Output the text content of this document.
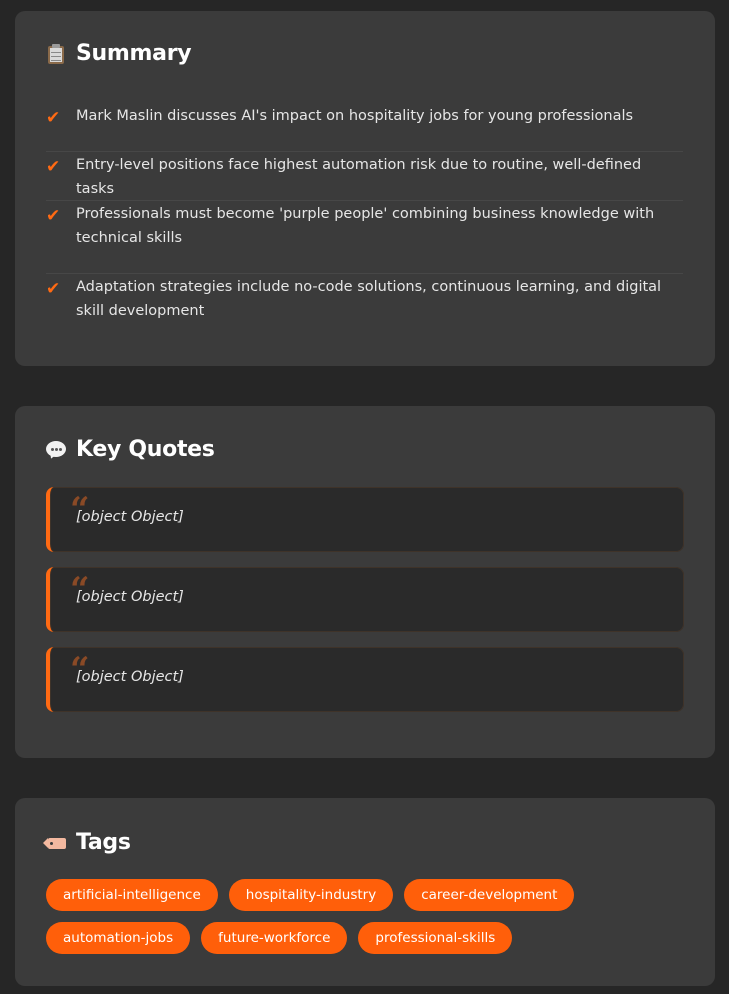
Summary
✔	Mark Maslin discusses AI's impact on hospitality jobs for young professionals
✔	Entry-level positions face highest automation risk due to routine, well-defined tasks
✔	Professionals must become 'purple people' combining business knowledge with technical skills
✔	Adaptation strategies include no-code solutions, continuous learning, and digital skill development
Key Quotes
“
[object Object]
“
[object Object]
“
[object Object]
Tags
artificial-intelligence	hospitality-industry	career-development
automation-jobs	future-workforce	professional-skills
